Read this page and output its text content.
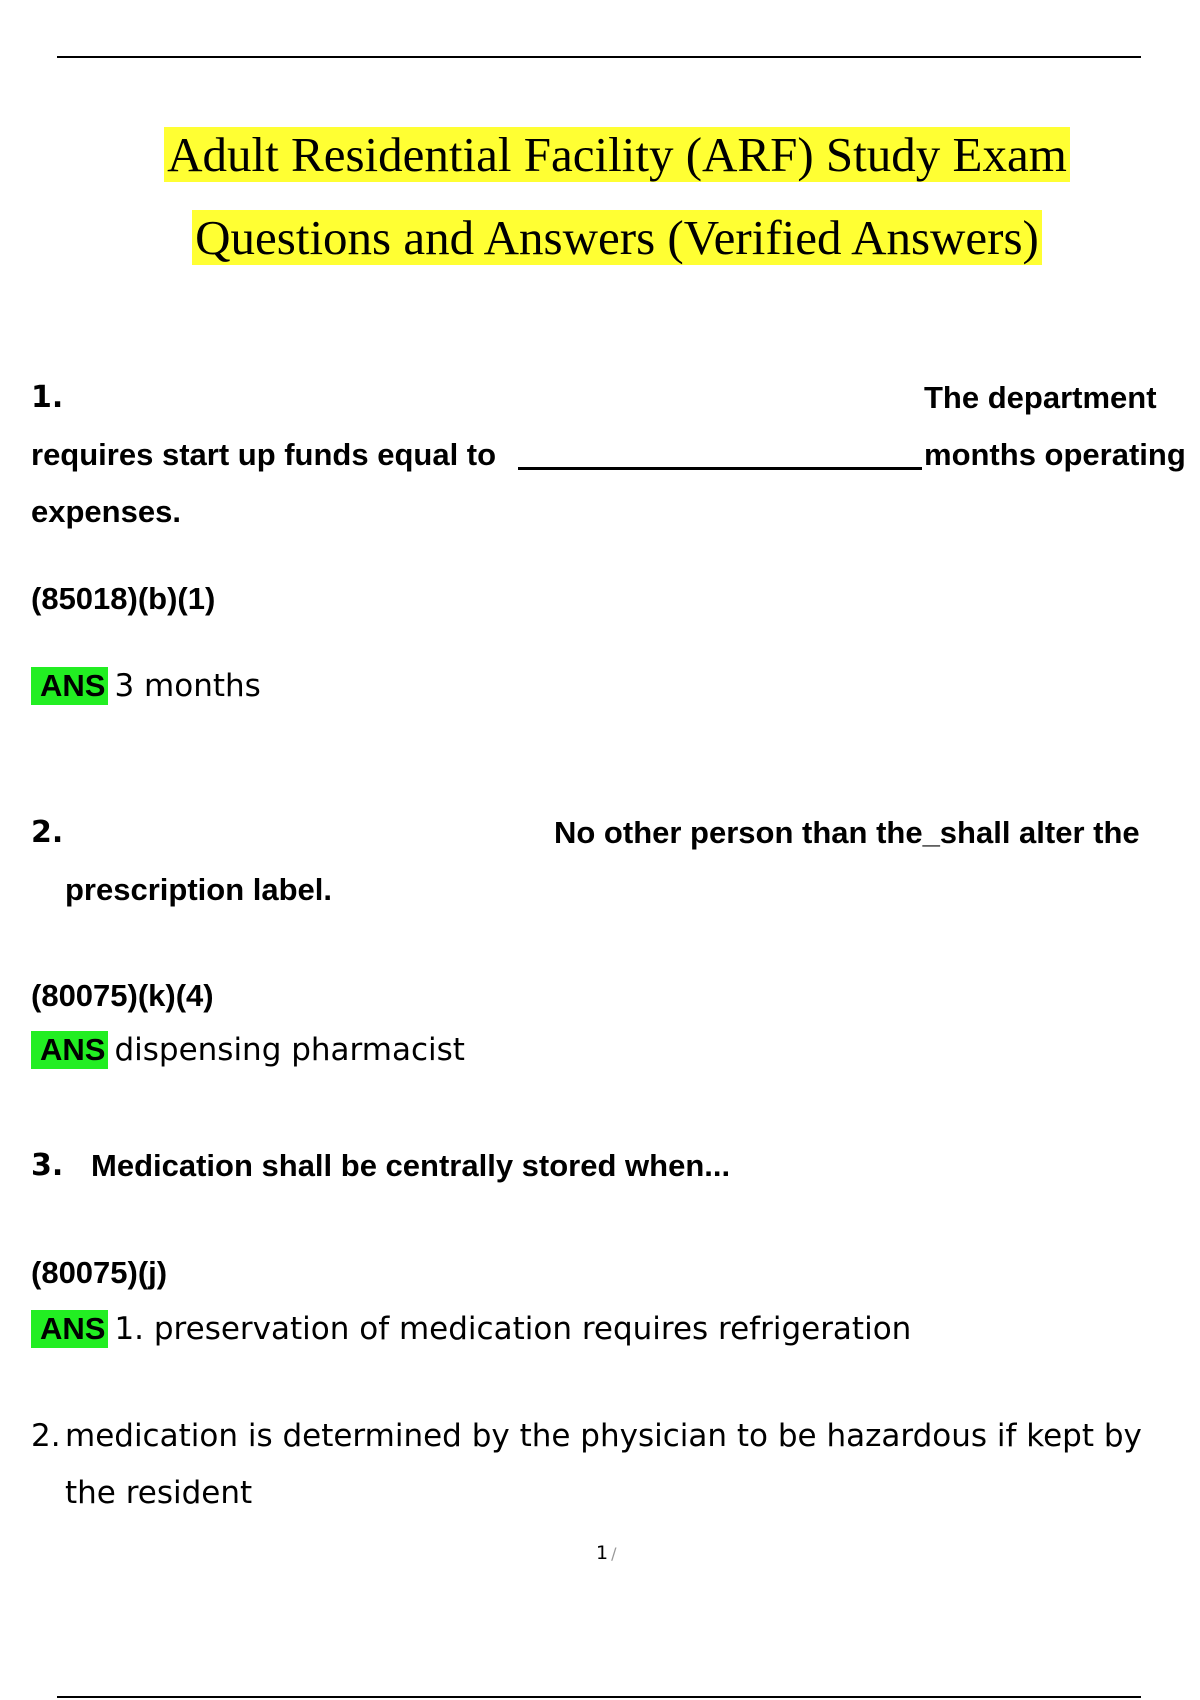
Adult Residential Facility (ARF) Study Exam
Questions and Answers (Verified Answers)
1.	The department
requires start up funds equal to	months operating
expenses.
(85018)(b)(1)
ANS 3 months
2.	No other person than the_shall alter the
prescription label.
(80075)(k)(4)
ANS dispensing pharmacist
3. Medication shall be centrally stored when...
(80075)(j)
ANS 1. preservation of medication requires refrigeration
2. medication is determined by the physician to be hazardous if kept by
the resident
1 /
